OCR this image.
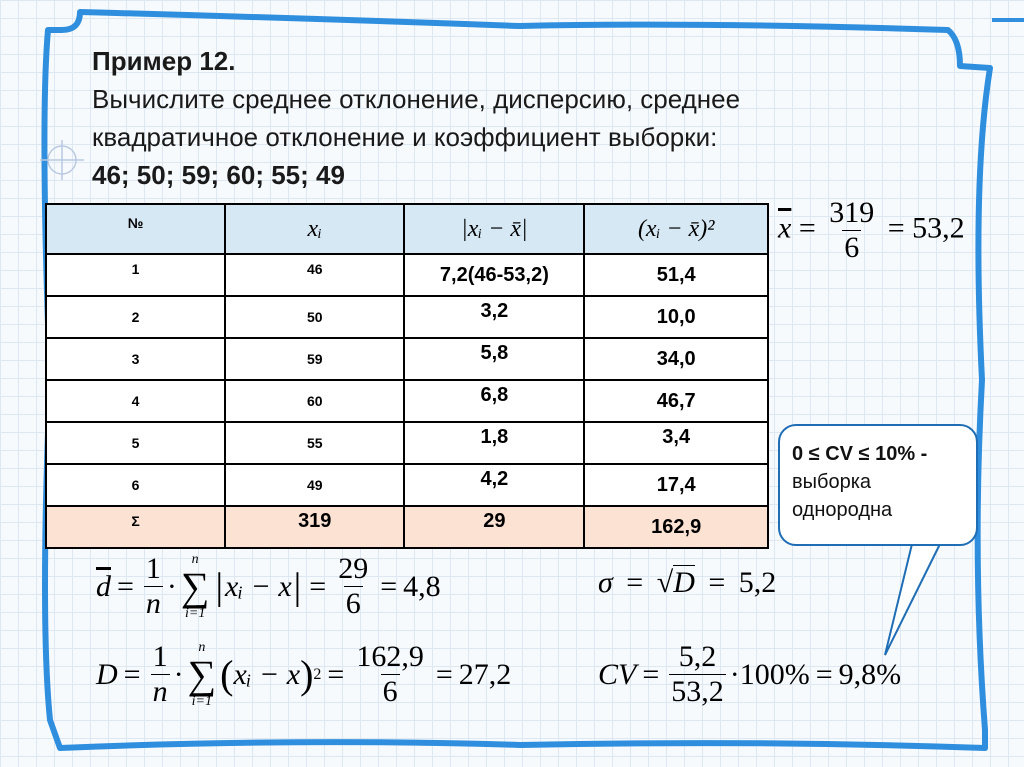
Пример 12.
Вычислите среднее отклонение, дисперсию, среднее
квадратичное отклонение и коэффициент выборки:
46; 50; 59; 60; 55; 49
№	xᵢ	|xᵢ − x̄|	(xᵢ − x̄)²
1	46	7,2(46-53,2)	51,4
2	50	3,2	10,0
3	59	5,8	34,0
4	60	6,8	46,7
5	55	1,8	3,4
6	49	4,2	17,4
Σ	319	29	162,9
$\overline{x} = \frac{319}{6} = 53,2$
0 ≤ CV ≤ 10% -
выборка
однородна
$\overline{d} = \frac{1}{n}$ ·
n
∑
i=1
| xᵢ − x | = $\frac{29}{6} = 4,8$	σ = √D = 5,2
$D = \frac{1}{n}$ ·
n
∑
i=1
( xᵢ − x ) $2 = \frac{162,9}{6} = 27,2$	CV = $\frac{5,2}{53,2} \cdot 100\% = 9,8\%$
